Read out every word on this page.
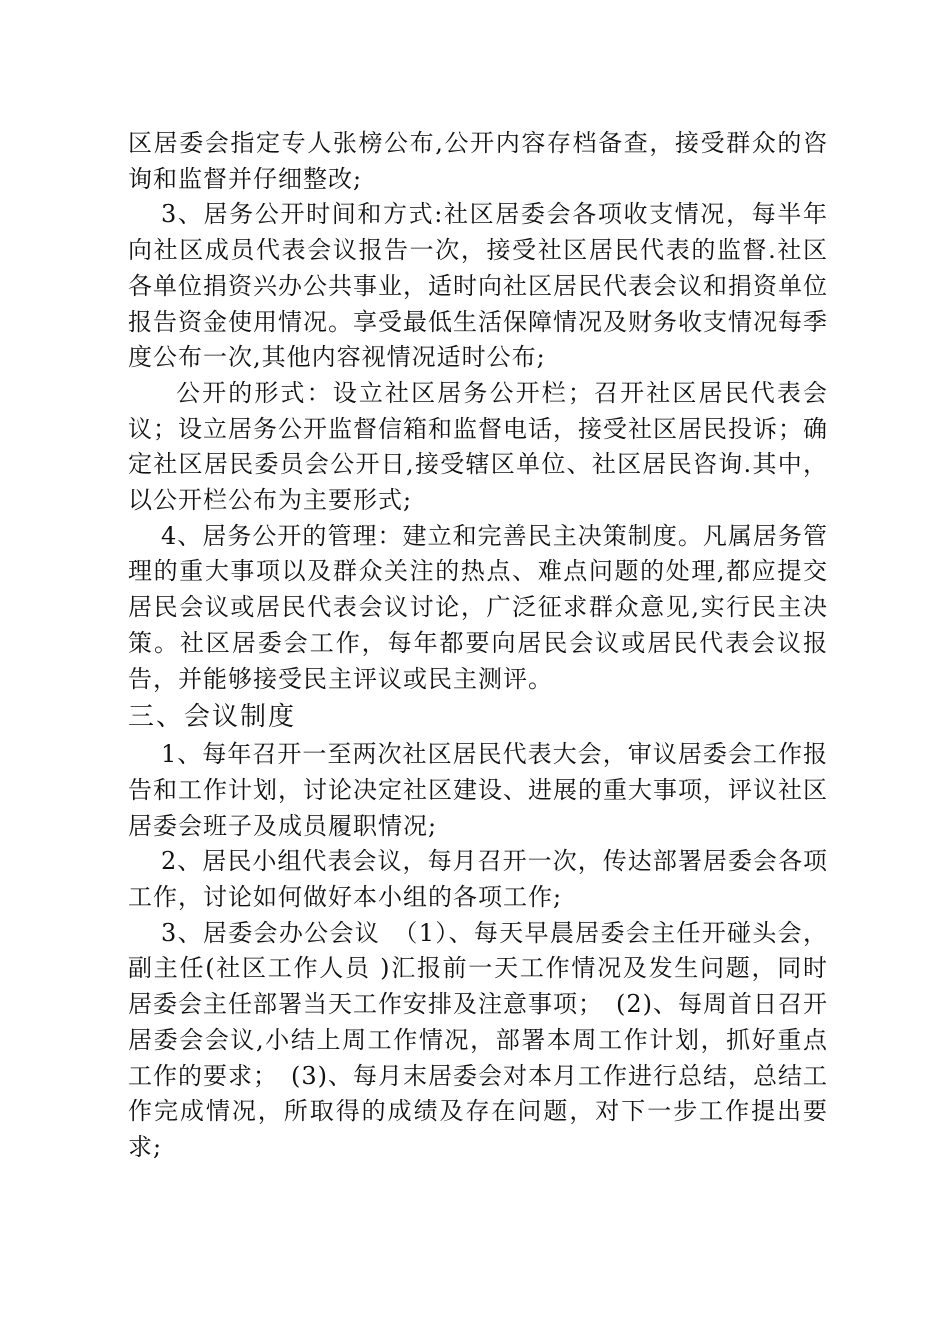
区居委会指定专人张榜公布,公开内容存档备查，接受群众的咨询和监督并仔细整改;

3、居务公开时间和方式:社区居委会各项收支情况，每半年向社区成员代表会议报告一次，接受社区居民代表的监督.社区各单位捐资兴办公共事业，适时向社区居民代表会议和捐资单位报告资金使用情况。享受最低生活保障情况及财务收支情况每季度公布一次,其他内容视情况适时公布;

公开的形式：设立社区居务公开栏；召开社区居民代表会议；设立居务公开监督信箱和监督电话，接受社区居民投诉；确定社区居民委员会公开日,接受辖区单位、社区居民咨询.其中，以公开栏公布为主要形式;

4、居务公开的管理：建立和完善民主决策制度。凡属居务管理的重大事项以及群众关注的热点、难点问题的处理,都应提交居民会议或居民代表会议讨论，广泛征求群众意见,实行民主决策。社区居委会工作，每年都要向居民会议或居民代表会议报告，并能够接受民主评议或民主测评。

三、会议制度

1、每年召开一至两次社区居民代表大会，审议居委会工作报告和工作计划，讨论决定社区建设、进展的重大事项，评议社区居委会班子及成员履职情况;

2、居民小组代表会议，每月召开一次，传达部署居委会各项工作，讨论如何做好本小组的各项工作;

3、居委会办公会议　（1）、每天早晨居委会主任开碰头会，副主任(社区工作人员 )汇报前一天工作情况及发生问题，同时居委会主任部署当天工作安排及注意事项；　(2)、每周首日召开居委会会议,小结上周工作情况，部署本周工作计划，抓好重点工作的要求；　(3)、每月末居委会对本月工作进行总结，总结工作完成情况，所取得的成绩及存在问题，对下一步工作提出要求;
